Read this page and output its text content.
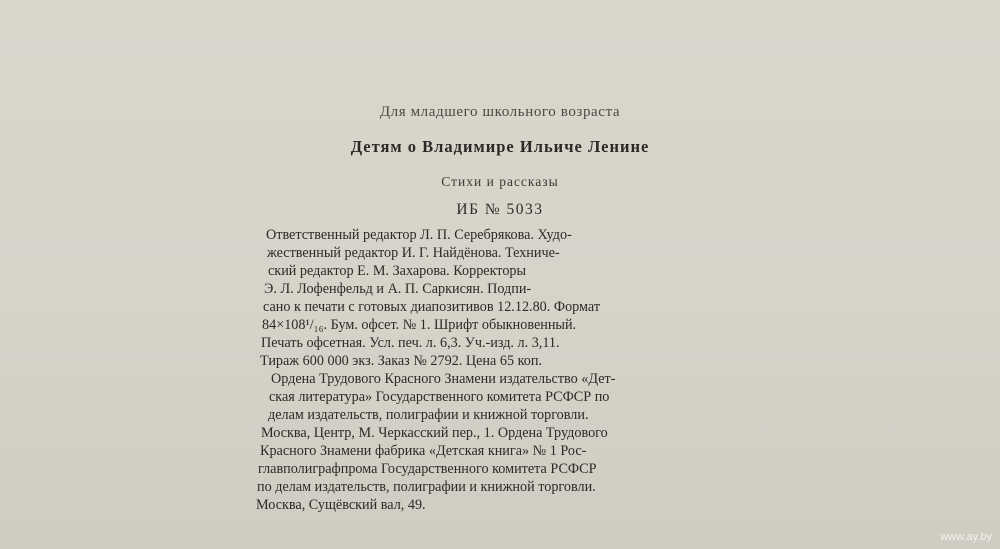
Для младшего школьного возраста
Детям о Владимире Ильиче Ленине
Стихи и рассказы
ИБ № 5033
Ответственный редактор Л. П. Серебрякова. Худо-
жественный редактор И. Г. Найдёнова. Техниче-
ский редактор Е. М. Захарова. Корректоры
Э. Л. Лофенфельд и А. П. Саркисян. Подпи-
сано к печати с готовых диапозитивов 12.12.80. Формат
84×108¹/₁₆. Бум. офсет. № 1. Шрифт обыкновенный.
Печать офсетная. Усл. печ. л. 6,3. Уч.-изд. л. 3,11.
Тираж 600 000 экз. Заказ № 2792. Цена 65 коп.
Ордена Трудового Красного Знамени издательство «Дет-
ская литература» Государственного комитета РСФСР по
делам издательств, полиграфии и книжной торговли.
Москва, Центр, М. Черкасский пер., 1. Ордена Трудового
Красного Знамени фабрика «Детская книга» № 1 Рос-
главполиграфпрома Государственного комитета РСФСР
по делам издательств, полиграфии и книжной торговли.
Москва, Сущёвский вал, 49.
www.ay.by
